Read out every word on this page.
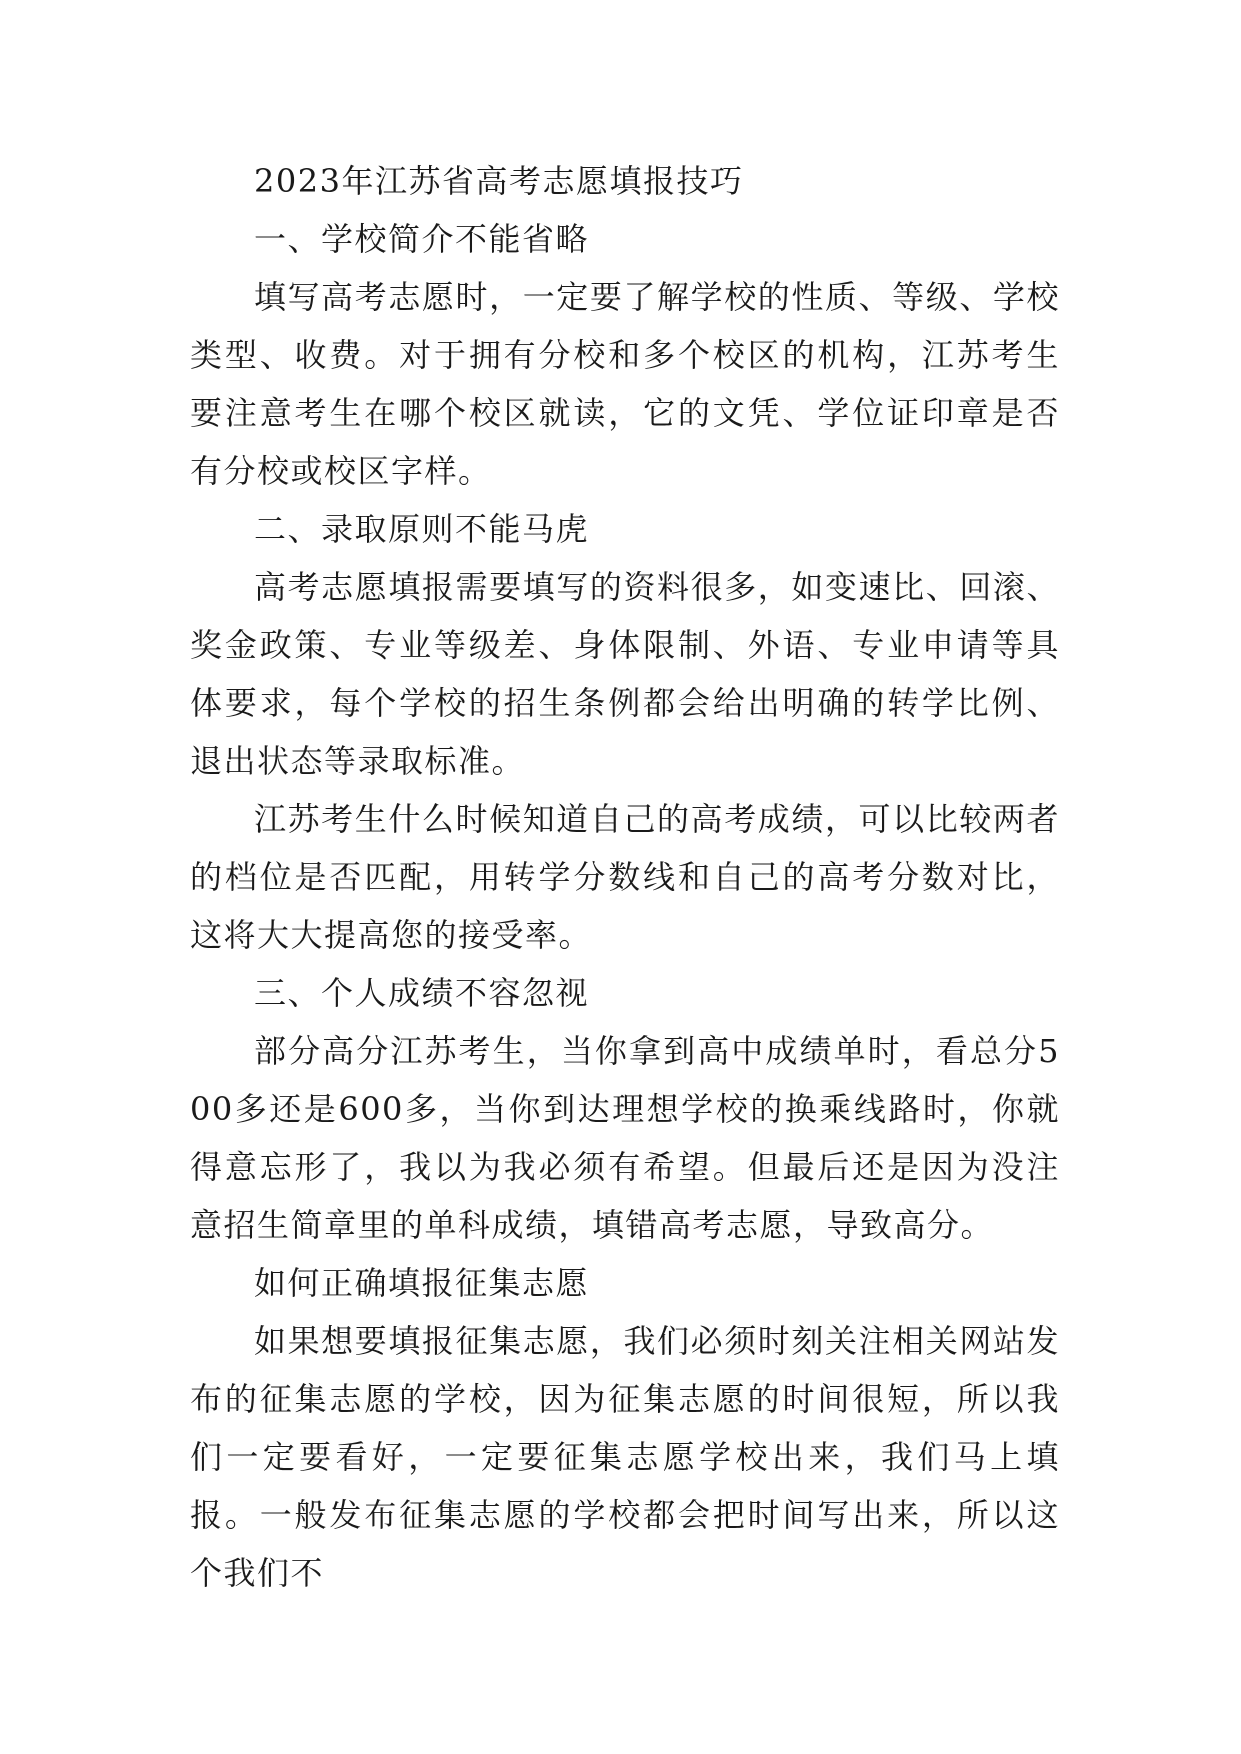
2023年江苏省高考志愿填报技巧

一、学校简介不能省略

填写高考志愿时，一定要了解学校的性质、等级、学校类型、收费。对于拥有分校和多个校区的机构，江苏考生要注意考生在哪个校区就读，它的文凭、学位证印章是否有分校或校区字样。

二、录取原则不能马虎

高考志愿填报需要填写的资料很多，如变速比、回滚、奖金政策、专业等级差、身体限制、外语、专业申请等具体要求，每个学校的招生条例都会给出明确的转学比例、退出状态等录取标准。

江苏考生什么时候知道自己的高考成绩，可以比较两者的档位是否匹配，用转学分数线和自己的高考分数对比，这将大大提高您的接受率。

三、个人成绩不容忽视

部分高分江苏考生，当你拿到高中成绩单时，看总分500多还是600多，当你到达理想学校的换乘线路时，你就得意忘形了，我以为我必须有希望。但最后还是因为没注意招生简章里的单科成绩，填错高考志愿，导致高分。

如何正确填报征集志愿

如果想要填报征集志愿，我们必须时刻关注相关网站发布的征集志愿的学校，因为征集志愿的时间很短，所以我们一定要看好，一定要征集志愿学校出来，我们马上填报。一般发布征集志愿的学校都会把时间写出来，所以这个我们不
